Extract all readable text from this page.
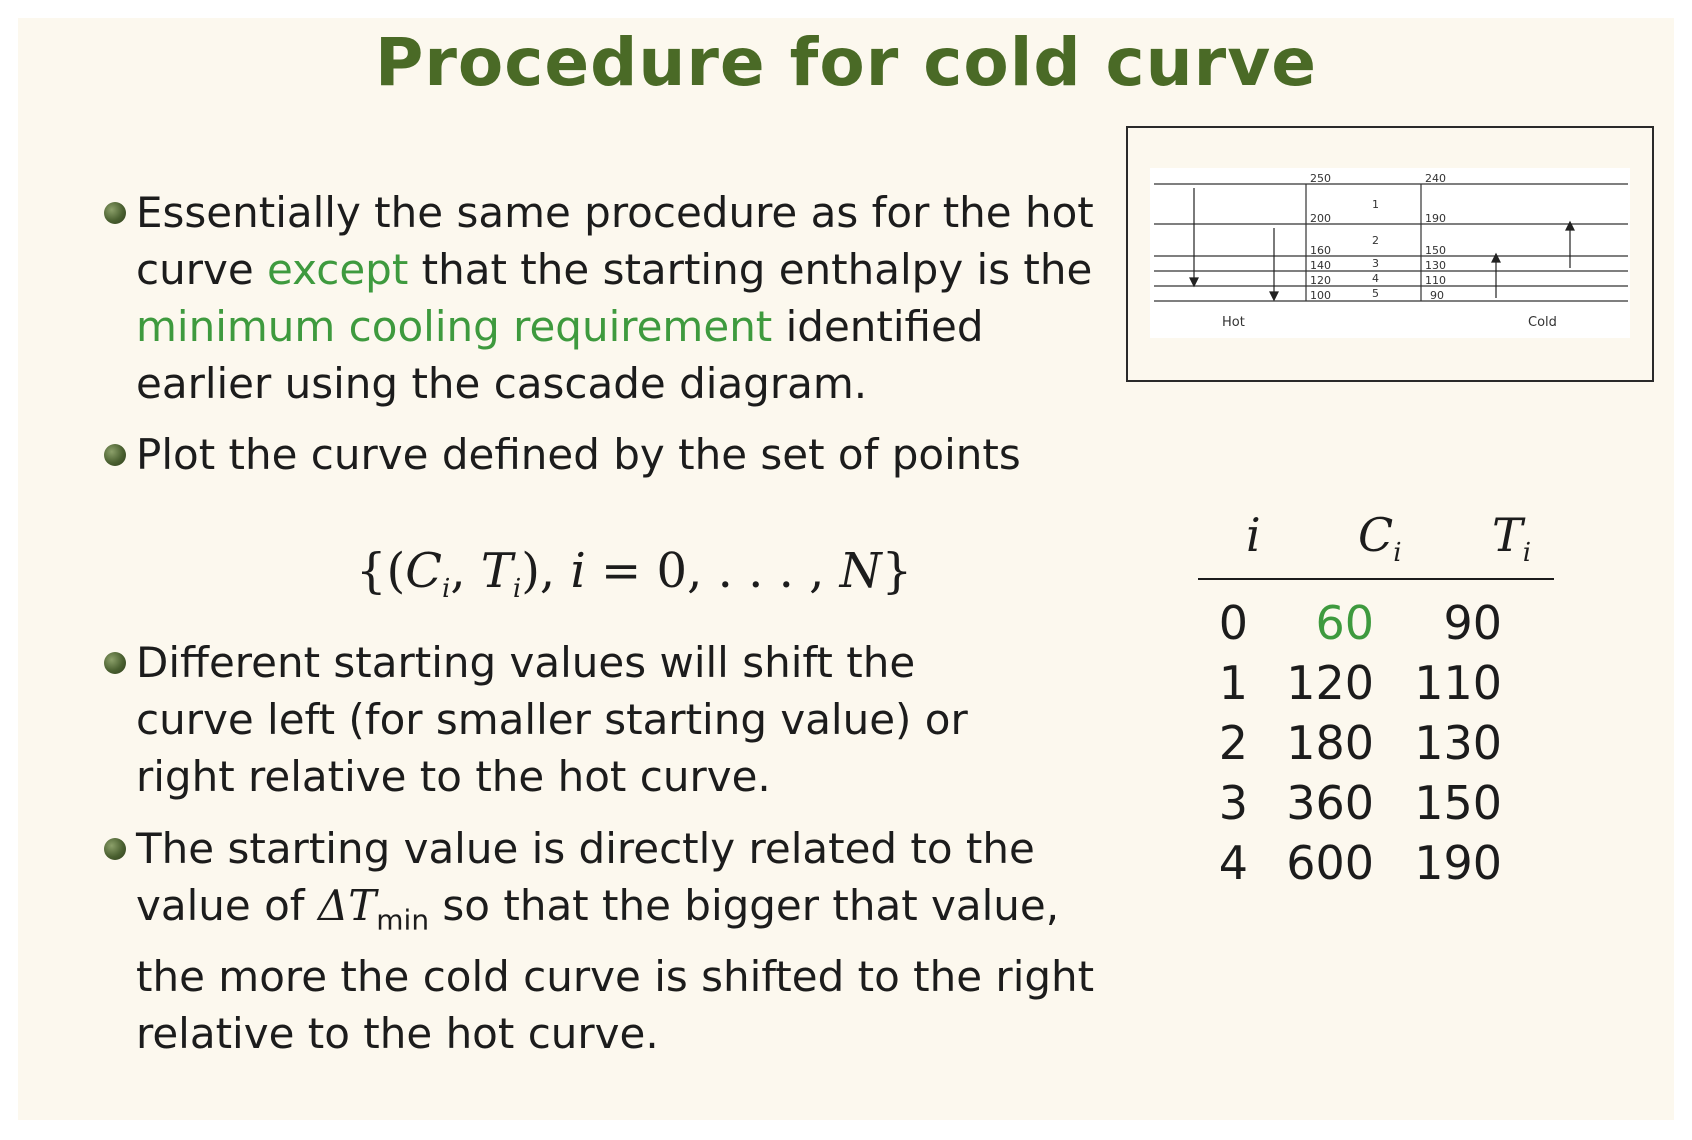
Procedure for cold curve
Essentially the same procedure as for the hot curve except that the starting enthalpy is the minimum cooling requirement identified earlier using the cascade diagram.
Plot the curve defined by the set of points
{($C_i$, $T_i$), i = 0, . . . , N}
Different starting values will shift the curve left (for smaller starting value) or right relative to the hot curve.
The starting value is directly related to the value of $\Delta T_{min}$ so that the bigger that value, the more the cold curve is shifted to the right relative to the hot curve.
250
200
160
140
120
100
240
190
150
130
110
90
1
2
3
4
5
Hot	Cold
i $C_i$ $T_i$
0	60	90
1 120 110
2 180 130
3 360 150
4 600 190
